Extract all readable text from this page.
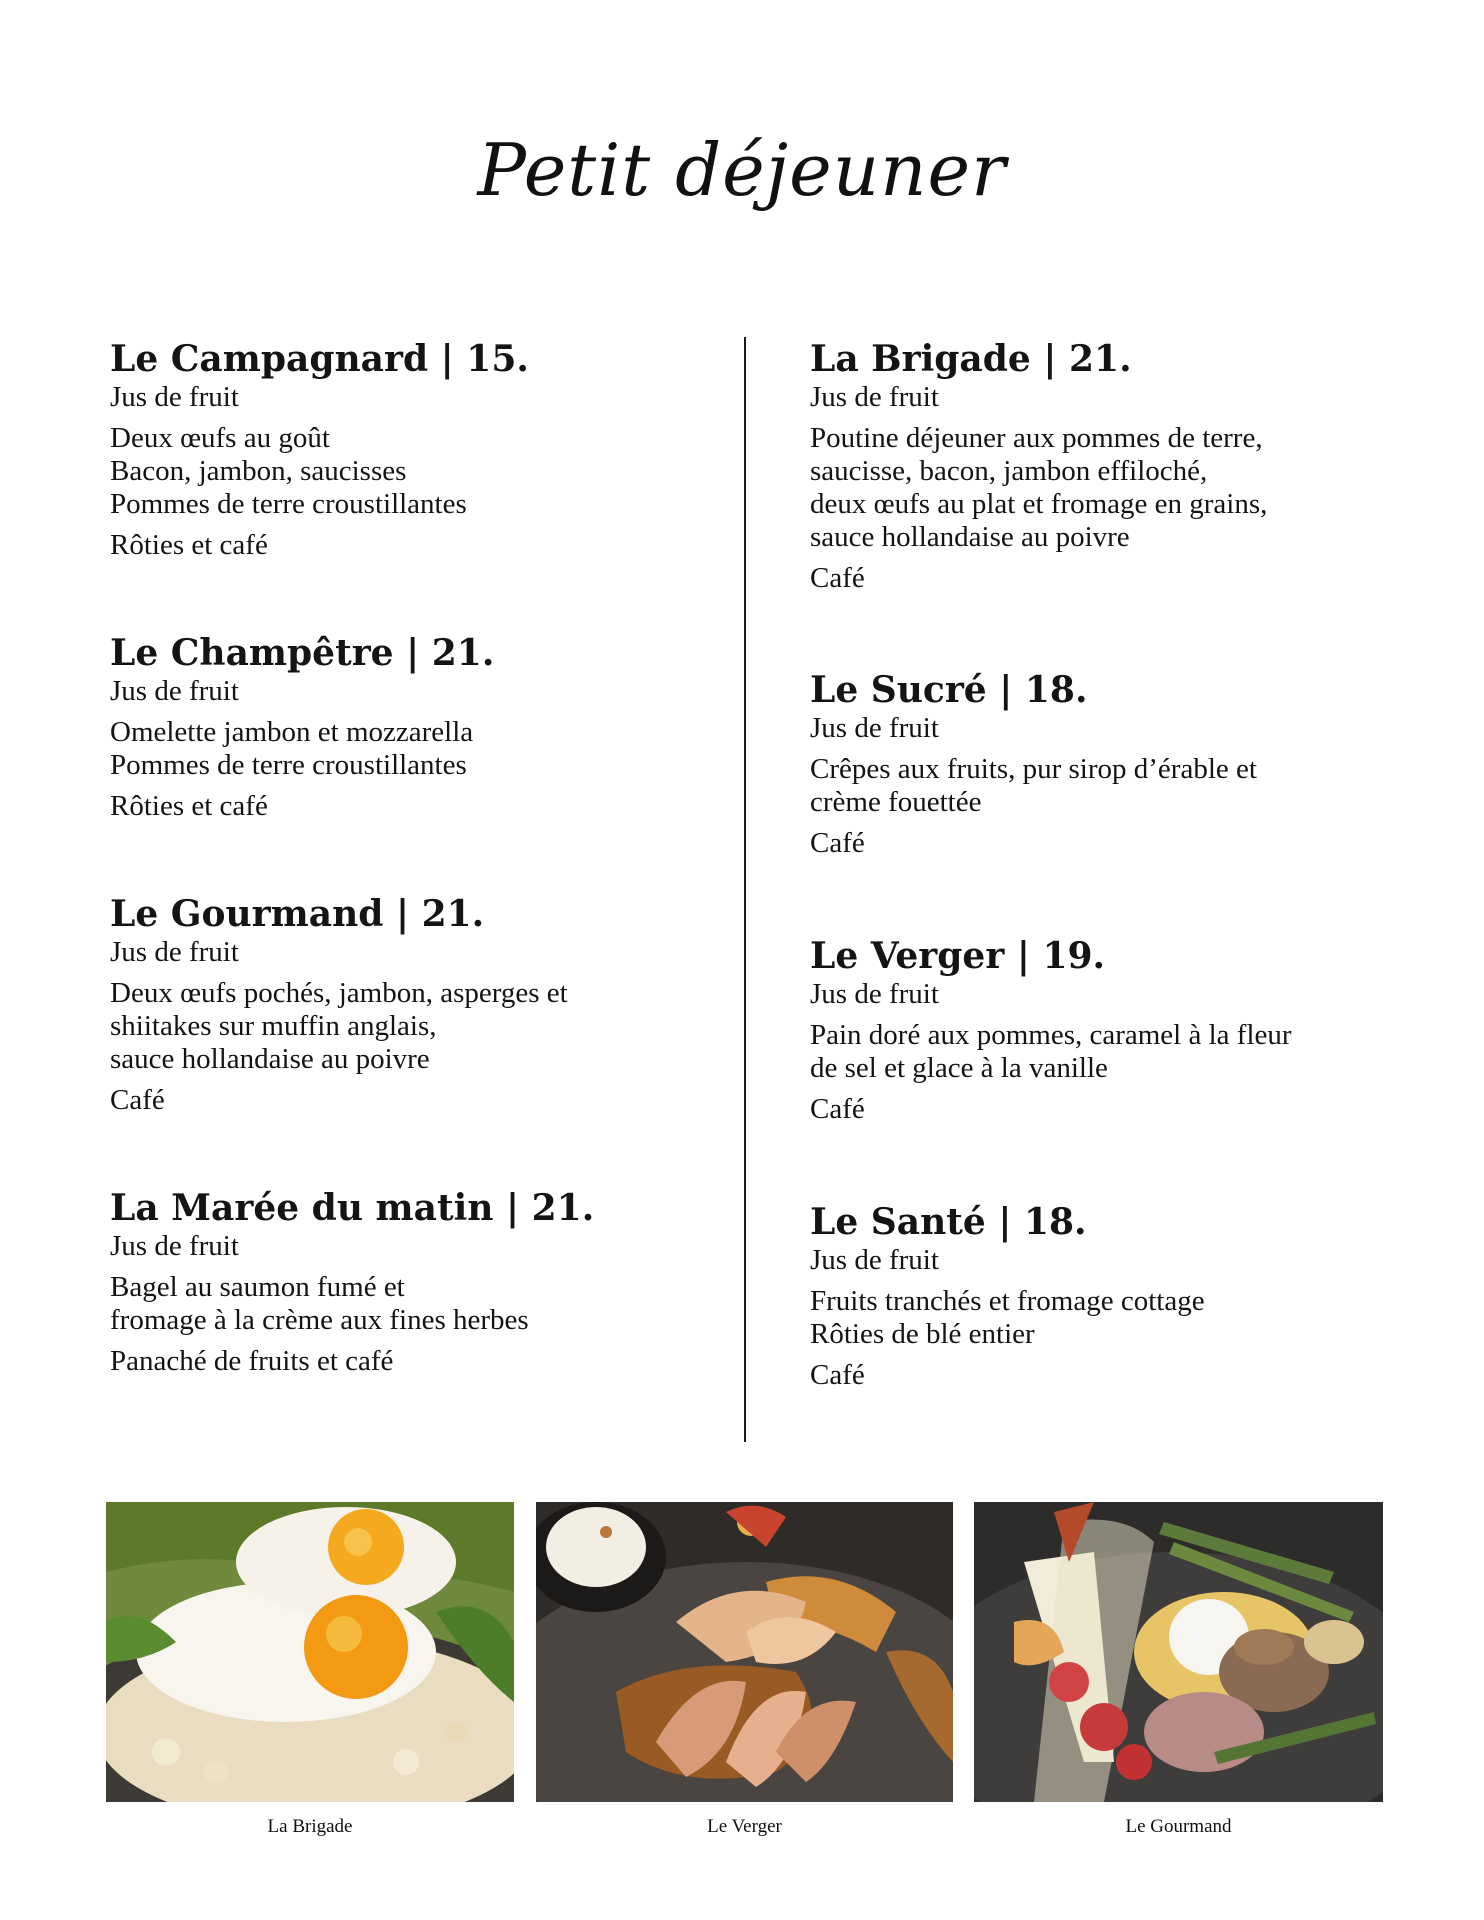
Petit déjeuner
Le Campagnard | 15.
Jus de fruit
Deux œufs au goût
Bacon, jambon, saucisses
Pommes de terre croustillantes
Rôties et café
Le Champêtre | 21.
Jus de fruit
Omelette jambon et mozzarella
Pommes de terre croustillantes
Rôties et café
Le Gourmand | 21.
Jus de fruit
Deux œufs pochés, jambon, asperges et
shiitakes sur muffin anglais,
sauce hollandaise au poivre
Café
La Marée du matin | 21.
Jus de fruit
Bagel au saumon fumé et
fromage à la crème aux fines herbes
Panaché de fruits et café
La Brigade | 21.
Jus de fruit
Poutine déjeuner aux pommes de terre,
saucisse, bacon, jambon effiloché,
deux œufs au plat et fromage en grains,
sauce hollandaise au poivre
Café
Le Sucré | 18.
Jus de fruit
Crêpes aux fruits, pur sirop d’érable et
crème fouettée
Café
Le Verger | 19.
Jus de fruit
Pain doré aux pommes, caramel à la fleur
de sel et glace à la vanille
Café
Le Santé | 18.
Jus de fruit
Fruits tranchés et fromage cottage
Rôties de blé entier
Café
La Brigade	Le Verger	Le Gourmand
